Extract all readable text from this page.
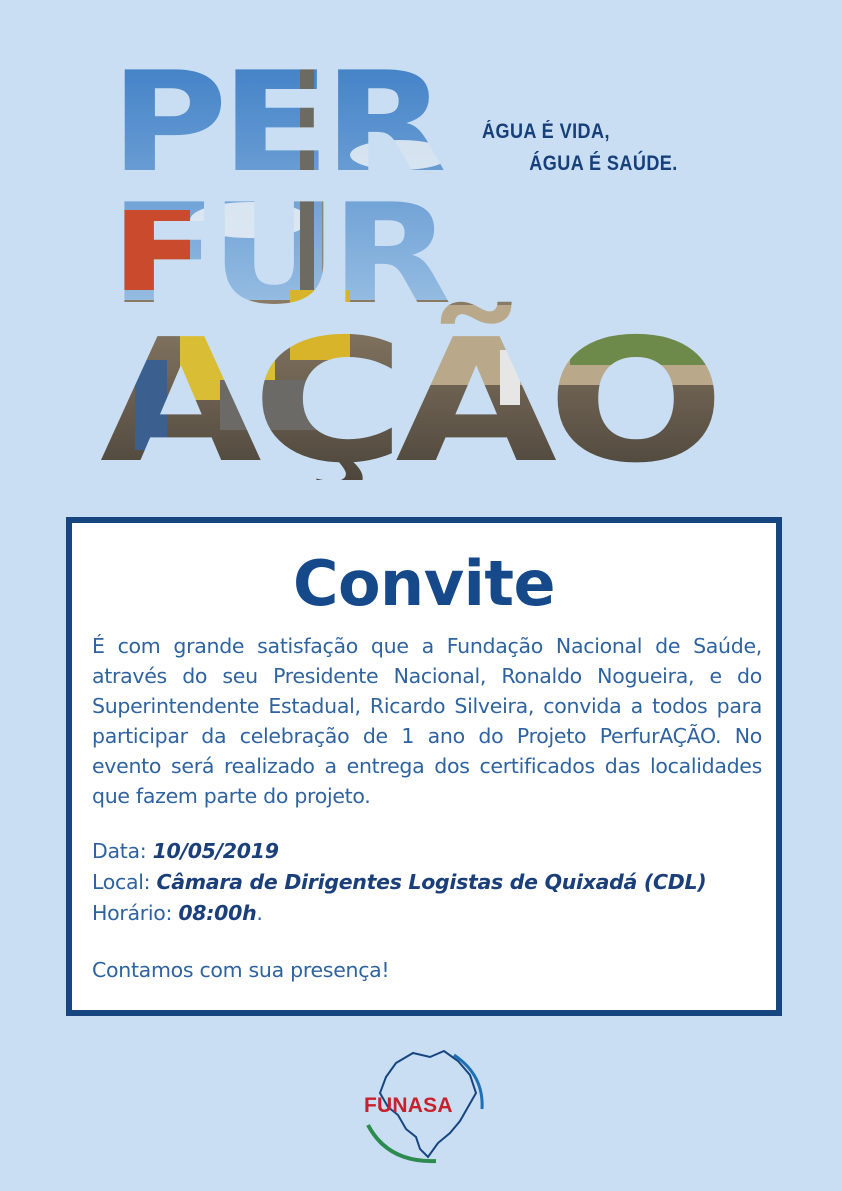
ÁGUA É VIDA,
ÁGUA É SAÚDE.
Convite
É com grande satisfação que a Fundação Nacional de Saúde, através do seu Presidente Nacional, Ronaldo Nogueira, e do Superintendente Estadual, Ricardo Silveira, convida a todos para participar da celebração de 1 ano do Projeto PerfurAÇÃO. No evento será realizado a entrega dos certificados das localidades que fazem parte do projeto.
Data: 10/05/2019
Local: Câmara de Dirigentes Logistas de Quixadá (CDL)
Horário: 08:00h.
Contamos com sua presença!
FUNASA
